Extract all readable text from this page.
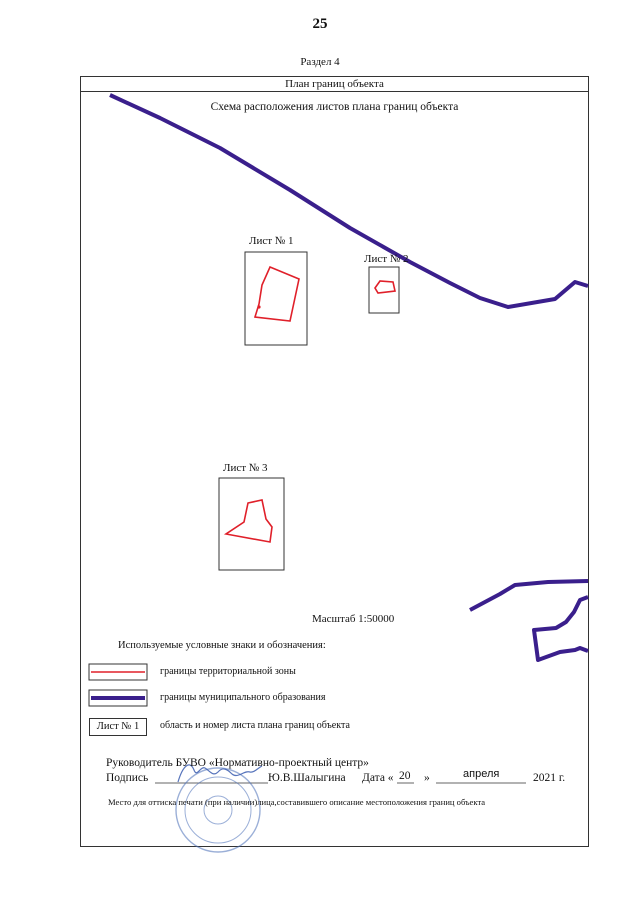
25
Раздел 4
План границ объекта
Схема расположения листов плана границ объекта
Лист № 1
Лист № 2
Лист № 3
Масштаб 1:50000
Используемые условные знаки и обозначения:
границы территориальной зоны
границы муниципального образования
Лист № 1	область и номер листа плана границ объекта
Руководитель БУВО «Нормативно-проектный центр»
Подпись	Ю.В.Шалыгина Дата « 20 »	апреля	2021 г.
Место для оттиска печати (при наличии)лица,составившего описание местоположения границ объекта
